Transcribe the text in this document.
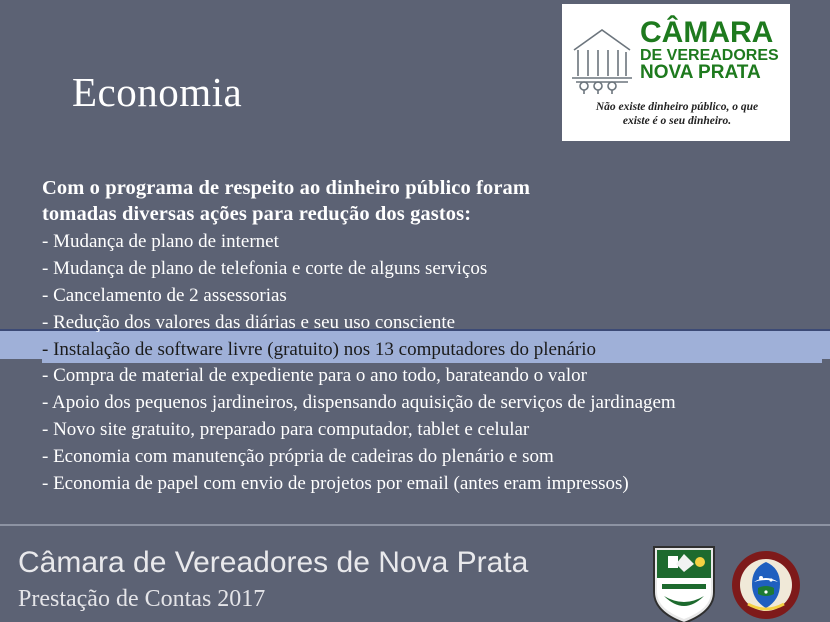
CÂMARA
DE VEREADORES
NOVA PRATA
Não existe dinheiro público, o que
existe é o seu dinheiro.
Economia

Com o programa de respeito ao dinheiro público foram
tomadas diversas ações para redução dos gastos:

- Mudança de plano de internet
- Mudança de plano de telefonia e corte de alguns serviços
- Cancelamento de 2 assessorias
- Redução dos valores das diárias e seu uso consciente
- Instalação de software livre (gratuito) nos 13 computadores do plenário
- Compra de material de expediente para o ano todo, barateando o valor
- Apoio dos pequenos jardineiros, dispensando aquisição de serviços de jardinagem
- Novo site gratuito, preparado para computador, tablet e celular
- Economia com manutenção própria de cadeiras do plenário e som
- Economia de papel com envio de projetos por email (antes eram impressos)
Câmara de Vereadores de Nova Prata
Prestação de Contas 2017
